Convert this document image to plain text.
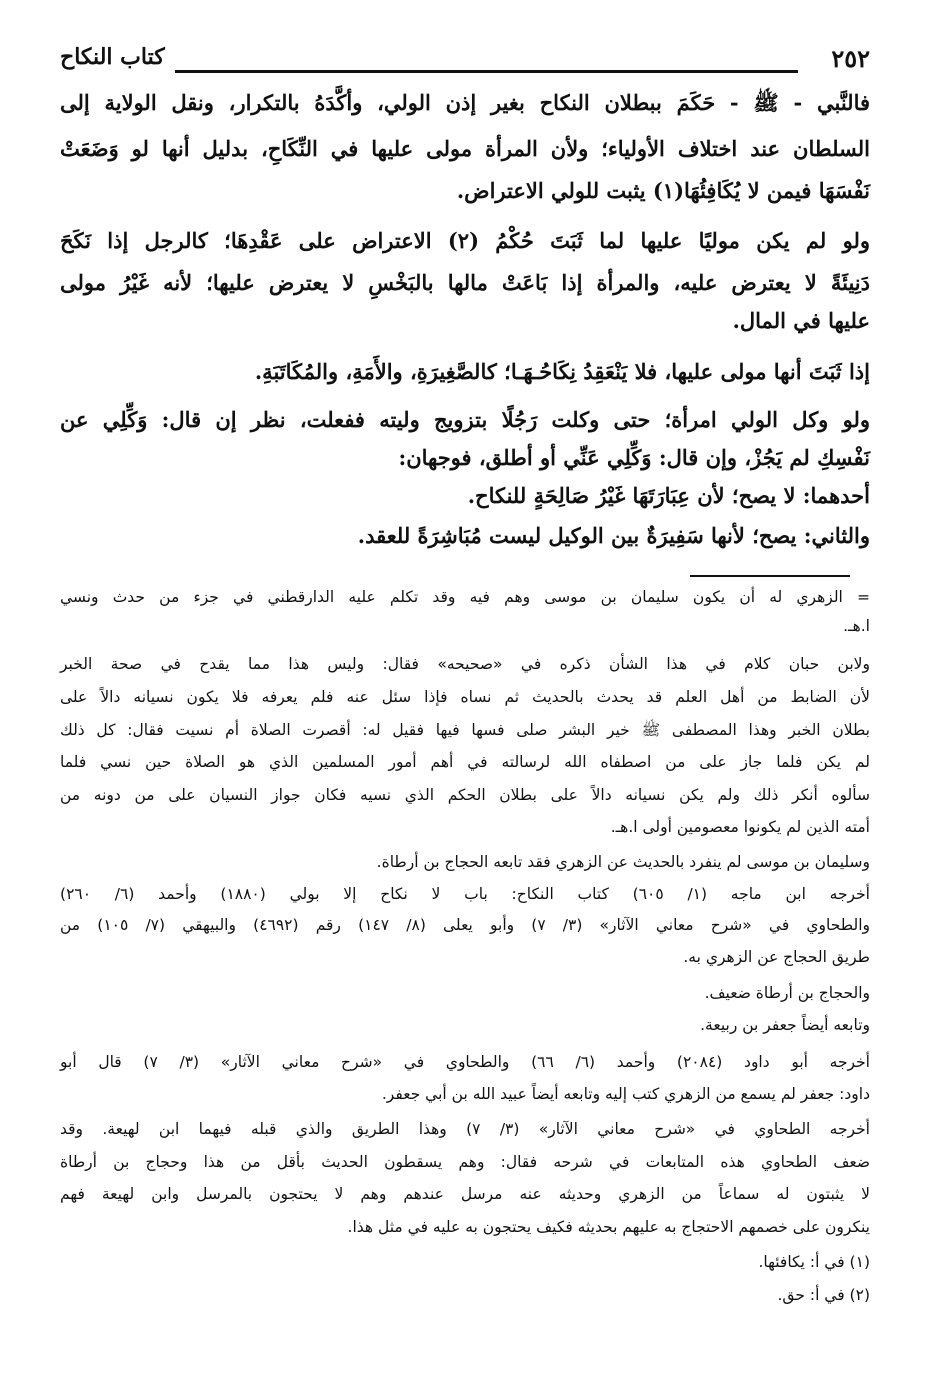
٢٥٢
كتاب النكاح
فالنَّبي - ﷺ - حَكَمَ ببطلان النكاح بغير إذن الولي، وأكَّدَهُ بالتكرار، ونقل الولاية إلى
السلطان عند اختلاف الأولياء؛ ولأن المرأة مولى عليها في النِّكَاحِ، بدليل أنها لو وَضَعَتْ
نَفْسَهَا فيمن لا يُكَافِئُهَا(١) يثبت للولي الاعتراض.
ولو لم يكن موليًا عليها لما ثَبَتَ حُكْمُ (٢) الاعتراض على عَقْدِهَا؛ كالرجل إذا نَكَحَ
دَنِيئَةً لا يعترض عليه، والمرأة إذا بَاعَتْ مالها بالبَخْسِ لا يعترض عليها؛ لأنه غَيْرُ مولى
عليها في المال.
إذا ثَبَتَ أنها مولى عليها، فلا يَنْعَقِدُ نِكَاحُـهَـا؛ كالصَّغِيرَةِ، والأَمَةِ، والمُكَاتَبَةِ.
ولو وكل الولي امرأة؛ حتى وكلت رَجُلًا بتزويج وليته ففعلت، نظر إن قال: وَكِّلِي عن
نَفْسِكِ لم يَجُزْ، وإن قال: وَكِّلِي عَنِّي أو أطلق، فوجهان:
أحدهما: لا يصح؛ لأن عِبَارَتَهَا غَيْرُ صَالِحَةٍ للنكاح.
والثاني: يصح؛ لأنها سَفِيرَةٌ بين الوكيل ليست مُبَاشِرَةً للعقد.
= الزهري له أن يكون سليمان بن موسى وهم فيه وقد تكلم عليه الدارقطني في جزء من حدث ونسي
ا.هـ.
ولابن حبان كلام في هذا الشأن ذكره في «صحيحه» فقال: وليس هذا مما يقدح في صحة الخبر
لأن الضابط من أهل العلم قد يحدث بالحديث ثم نساه فإذا سئل عنه فلم يعرفه فلا يكون نسيانه دالاً على
بطلان الخبر وهذا المصطفى ﷺ خير البشر صلى فسها فيها فقيل له: أقصرت الصلاة أم نسيت فقال: كل ذلك
لم يكن فلما جاز على من اصطفاه الله لرسالته في أهم أمور المسلمين الذي هو الصلاة حين نسي فلما
سألوه أنكر ذلك ولم يكن نسيانه دالاً على بطلان الحكم الذي نسيه فكان جواز النسيان على من دونه من
أمته الذين لم يكونوا معصومين أولى ا.هـ.
وسليمان بن موسى لم ينفرد بالحديث عن الزهري فقد تابعه الحجاج بن أرطاة.
أخرجه ابن ماجه (١/ ٦٠٥) كتاب النكاح: باب لا نكاح إلا بولي (١٨٨٠) وأحمد (٦/ ٢٦٠)
والطحاوي في «شرح معاني الآثار» (٣/ ٧) وأبو يعلى (٨/ ١٤٧) رقم (٤٦٩٢) والبيهقي (٧/ ١٠٥) من
طريق الحجاج عن الزهري به.
والحجاج بن أرطاة ضعيف.
وتابعه أيضاً جعفر بن ربيعة.
أخرجه أبو داود (٢٠٨٤) وأحمد (٦/ ٦٦) والطحاوي في «شرح معاني الآثار» (٣/ ٧) قال أبو
داود: جعفر لم يسمع من الزهري كتب إليه وتابعه أيضاً عبيد الله بن أبي جعفر.
أخرجه الطحاوي في «شرح معاني الآثار» (٣/ ٧) وهذا الطريق والذي قبله فيهما ابن لهيعة. وقد
ضعف الطحاوي هذه المتابعات في شرحه فقال: وهم يسقطون الحديث بأقل من هذا وحجاج بن أرطاة
لا يثبتون له سماعاً من الزهري وحديثه عنه مرسل عندهم وهم لا يحتجون بالمرسل وابن لهيعة فهم
ينكرون على خصمهم الاحتجاج به عليهم بحديثه فكيف يحتجون به عليه في مثل هذا.
(١) في أ: يكافئها.
(٢) في أ: حق.
